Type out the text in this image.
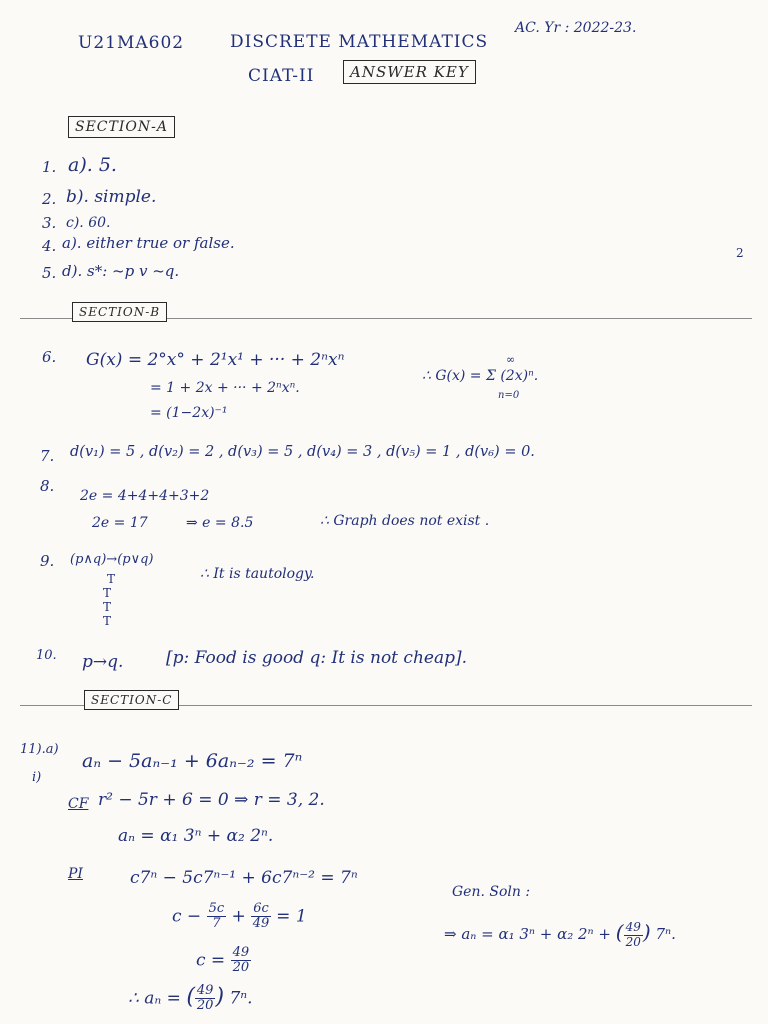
U21MA602	DISCRETE MATHEMATICS
AC. Yr : 2022-23.
CIAT-II	ANSWER KEY
SECTION-A
1. a). 5.
2. b). simple.
3. c). 60.
4. a). either true or false.
5. d). s*: ~p v ~q.
SECTION-B
6. G(x) = 2°x° + 2¹x¹ + ··· + 2ⁿxⁿ
= 1 + 2x + ··· + 2ⁿxⁿ.
= (1−2x)⁻¹
∞
∴ G(x) = Σ (2x)ⁿ.
n=0
7. d(v₁) = 5 , d(v₂) = 2 , d(v₃) = 5 , d(v₄) = 3 , d(v₅) = 1 , d(v₆) = 0.
8.
2e = 4+4+4+3+2
2e = 17	⇒ e = 8.5	∴ Graph does not exist .
9. (p∧q)→(p∨q)
T
T
T
T
∴ It is tautology.
10. p→q.	[p: Food is good q: It is not cheap].
SECTION-C
11).a)
i)
aₙ − 5aₙ₋₁ + 6aₙ₋₂ = 7ⁿ
CF r² − 5r + 6 = 0 ⇒ r = 3, 2.
aₙ = α₁ 3ⁿ + α₂ 2ⁿ.
PI	c7ⁿ − 5c7ⁿ⁻¹ + 6c7ⁿ⁻² = 7ⁿ
$c - \frac{5c}{7} + \frac{6c}{49} = 1$
$c = \frac{49}{20}$
∴ aₙ = ( $\frac{49}{20}$ ) 7ⁿ.
Gen. Soln :
⇒ aₙ = α₁ 3ⁿ + α₂ 2ⁿ + ( $\frac{49}{20}$ ) 7ⁿ.
2
